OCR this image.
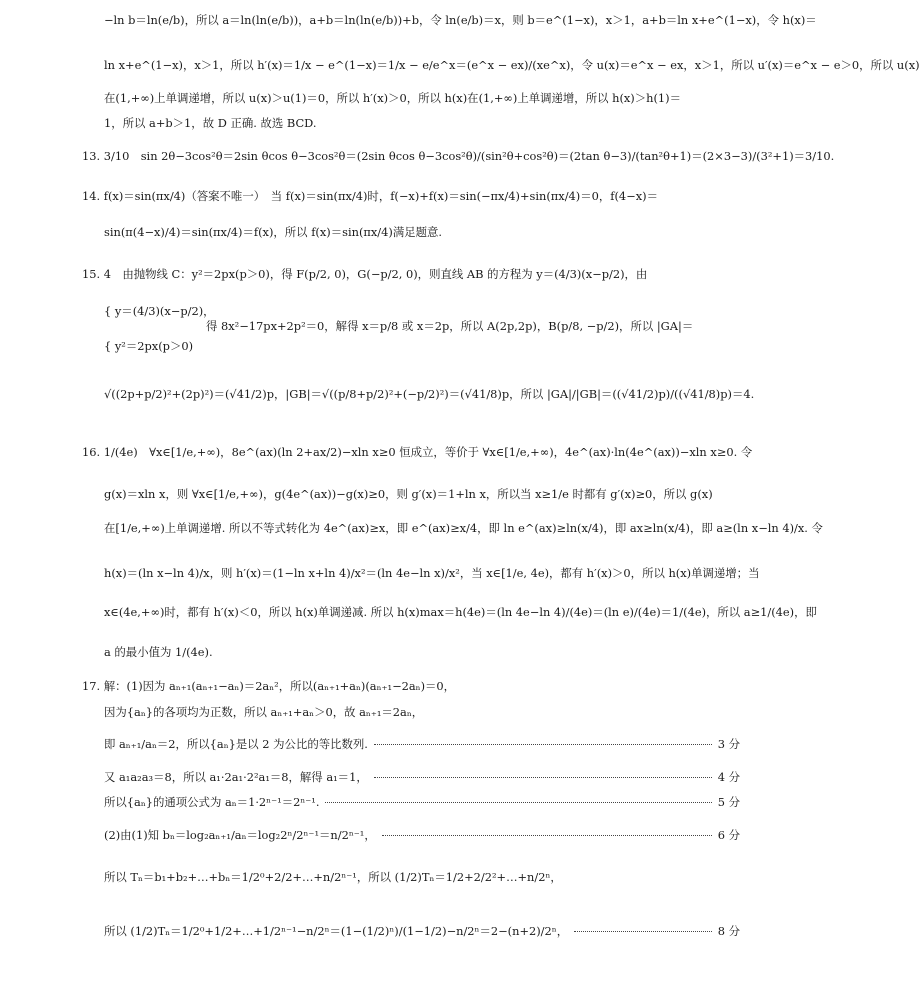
−ln b＝ln(e/b)，所以 a＝ln(ln(e/b))，a+b＝ln(ln(e/b))+b，令 ln(e/b)＝x，则 b＝e^(1−x)，x＞1，a+b＝ln x+e^(1−x)，令 h(x)＝
ln x+e^(1−x)，x＞1，所以 h′(x)＝1/x − e^(1−x)＝1/x − e/e^x＝(e^x − ex)/(xe^x)，令 u(x)＝e^x − ex，x＞1，所以 u′(x)＝e^x − e＞0，所以 u(x)
在(1,+∞)上单调递增，所以 u(x)＞u(1)＝0，所以 h′(x)＞0，所以 h(x)在(1,+∞)上单调递增，所以 h(x)＞h(1)＝
1，所以 a+b＞1，故 D 正确. 故选 BCD.
13. 3/10　sin 2θ−3cos²θ＝2sin θcos θ−3cos²θ＝(2sin θcos θ−3cos²θ)/(sin²θ+cos²θ)＝(2tan θ−3)/(tan²θ+1)＝(2×3−3)/(3²+1)＝3/10.
14. f(x)＝sin(πx/4)（答案不唯一）　当 f(x)＝sin(πx/4)时，f(−x)+f(x)＝sin(−πx/4)+sin(πx/4)＝0，f(4−x)＝
sin(π(4−x)/4)＝sin(πx/4)＝f(x)，所以 f(x)＝sin(πx/4)满足题意.
15. 4　由抛物线 C：y²＝2px(p＞0)，得 F(p/2, 0)，G(−p/2, 0)，则直线 AB 的方程为 y＝(4/3)(x−p/2)，由
{ y＝(4/3)(x−p/2)，
得 8x²−17px+2p²＝0，解得 x＝p/8 或 x＝2p，所以 A(2p,2p)，B(p/8, −p/2)，所以 |GA|＝
{ y²＝2px(p＞0)
√((2p+p/2)²+(2p)²)＝(√41/2)p，|GB|＝√((p/8+p/2)²+(−p/2)²)＝(√41/8)p，所以 |GA|/|GB|＝((√41/2)p)/((√41/8)p)＝4.
16. 1/(4e)　∀x∈[1/e,+∞)，8e^(ax)(ln 2+ax/2)−xln x≥0 恒成立，等价于 ∀x∈[1/e,+∞)，4e^(ax)·ln(4e^(ax))−xln x≥0. 令
g(x)＝xln x，则 ∀x∈[1/e,+∞)，g(4e^(ax))−g(x)≥0，则 g′(x)＝1+ln x，所以当 x≥1/e 时都有 g′(x)≥0，所以 g(x)
在[1/e,+∞)上单调递增. 所以不等式转化为 4e^(ax)≥x，即 e^(ax)≥x/4，即 ln e^(ax)≥ln(x/4)，即 ax≥ln(x/4)，即 a≥(ln x−ln 4)/x. 令
h(x)＝(ln x−ln 4)/x，则 h′(x)＝(1−ln x+ln 4)/x²＝(ln 4e−ln x)/x²，当 x∈[1/e, 4e)，都有 h′(x)＞0，所以 h(x)单调递增；当
x∈(4e,+∞)时，都有 h′(x)＜0，所以 h(x)单调递减. 所以 h(x)max＝h(4e)＝(ln 4e−ln 4)/(4e)＝(ln e)/(4e)＝1/(4e)，所以 a≥1/(4e)，即
a 的最小值为 1/(4e).
17. 解：(1)因为 aₙ₊₁(aₙ₊₁−aₙ)＝2aₙ²，所以(aₙ₊₁+aₙ)(aₙ₊₁−2aₙ)＝0，
因为{aₙ}的各项均为正数，所以 aₙ₊₁+aₙ＞0，故 aₙ₊₁＝2aₙ，
即 aₙ₊₁/aₙ＝2，所以{aₙ}是以 2 为公比的等比数列.	3 分
又 a₁a₂a₃＝8，所以 a₁·2a₁·2²a₁＝8，解得 a₁＝1，	4 分
所以{aₙ}的通项公式为 aₙ＝1·2ⁿ⁻¹＝2ⁿ⁻¹.	5 分
(2)由(1)知 bₙ＝log₂aₙ₊₁/aₙ＝log₂2ⁿ/2ⁿ⁻¹＝n/2ⁿ⁻¹，	6 分
所以 Tₙ＝b₁+b₂+…+bₙ＝1/2⁰+2/2+…+n/2ⁿ⁻¹，所以 (1/2)Tₙ＝1/2+2/2²+…+n/2ⁿ，
所以 (1/2)Tₙ＝1/2⁰+1/2+…+1/2ⁿ⁻¹−n/2ⁿ＝(1−(1/2)ⁿ)/(1−1/2)−n/2ⁿ＝2−(n+2)/2ⁿ，	8 分
